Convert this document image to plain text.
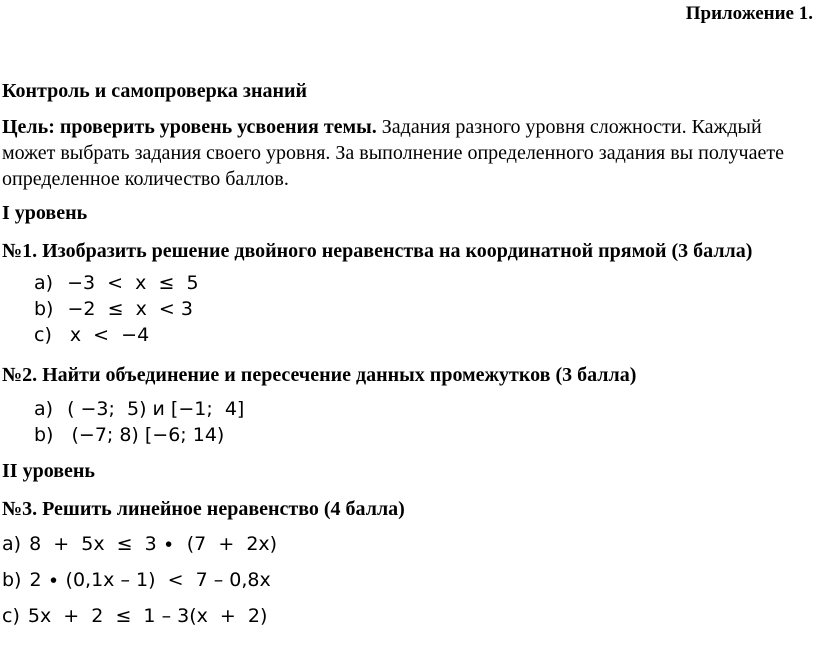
Приложение 1.
Контроль и самопроверка знаний
Цель: проверить уровень усвоения темы. Задания разного уровня сложности. Каждый может выбрать задания своего уровня. За выполнение определенного задания вы получаете определенное количество баллов.
I уровень
№1. Изобразить решение двойного неравенства на координатной прямой (3 балла)
a) −3  <  x  ≤  5
b) −2  ≤  x  < 3
c) x  <  −4
№2. Найти объединение и пересечение данных промежутков (3 балла)
a) ( −3;  5) и [−1;  4]
b) (−7; 8) [−6; 14)
II уровень
№3. Решить линейное неравенство (4 балла)
a) 8  +  5x  ≤  3 ∙  (7  +  2x)
b) 2 ∙ (0,1x – 1)  <  7 – 0,8x
c) 5x  +  2  ≤  1 – 3(x  +  2)
